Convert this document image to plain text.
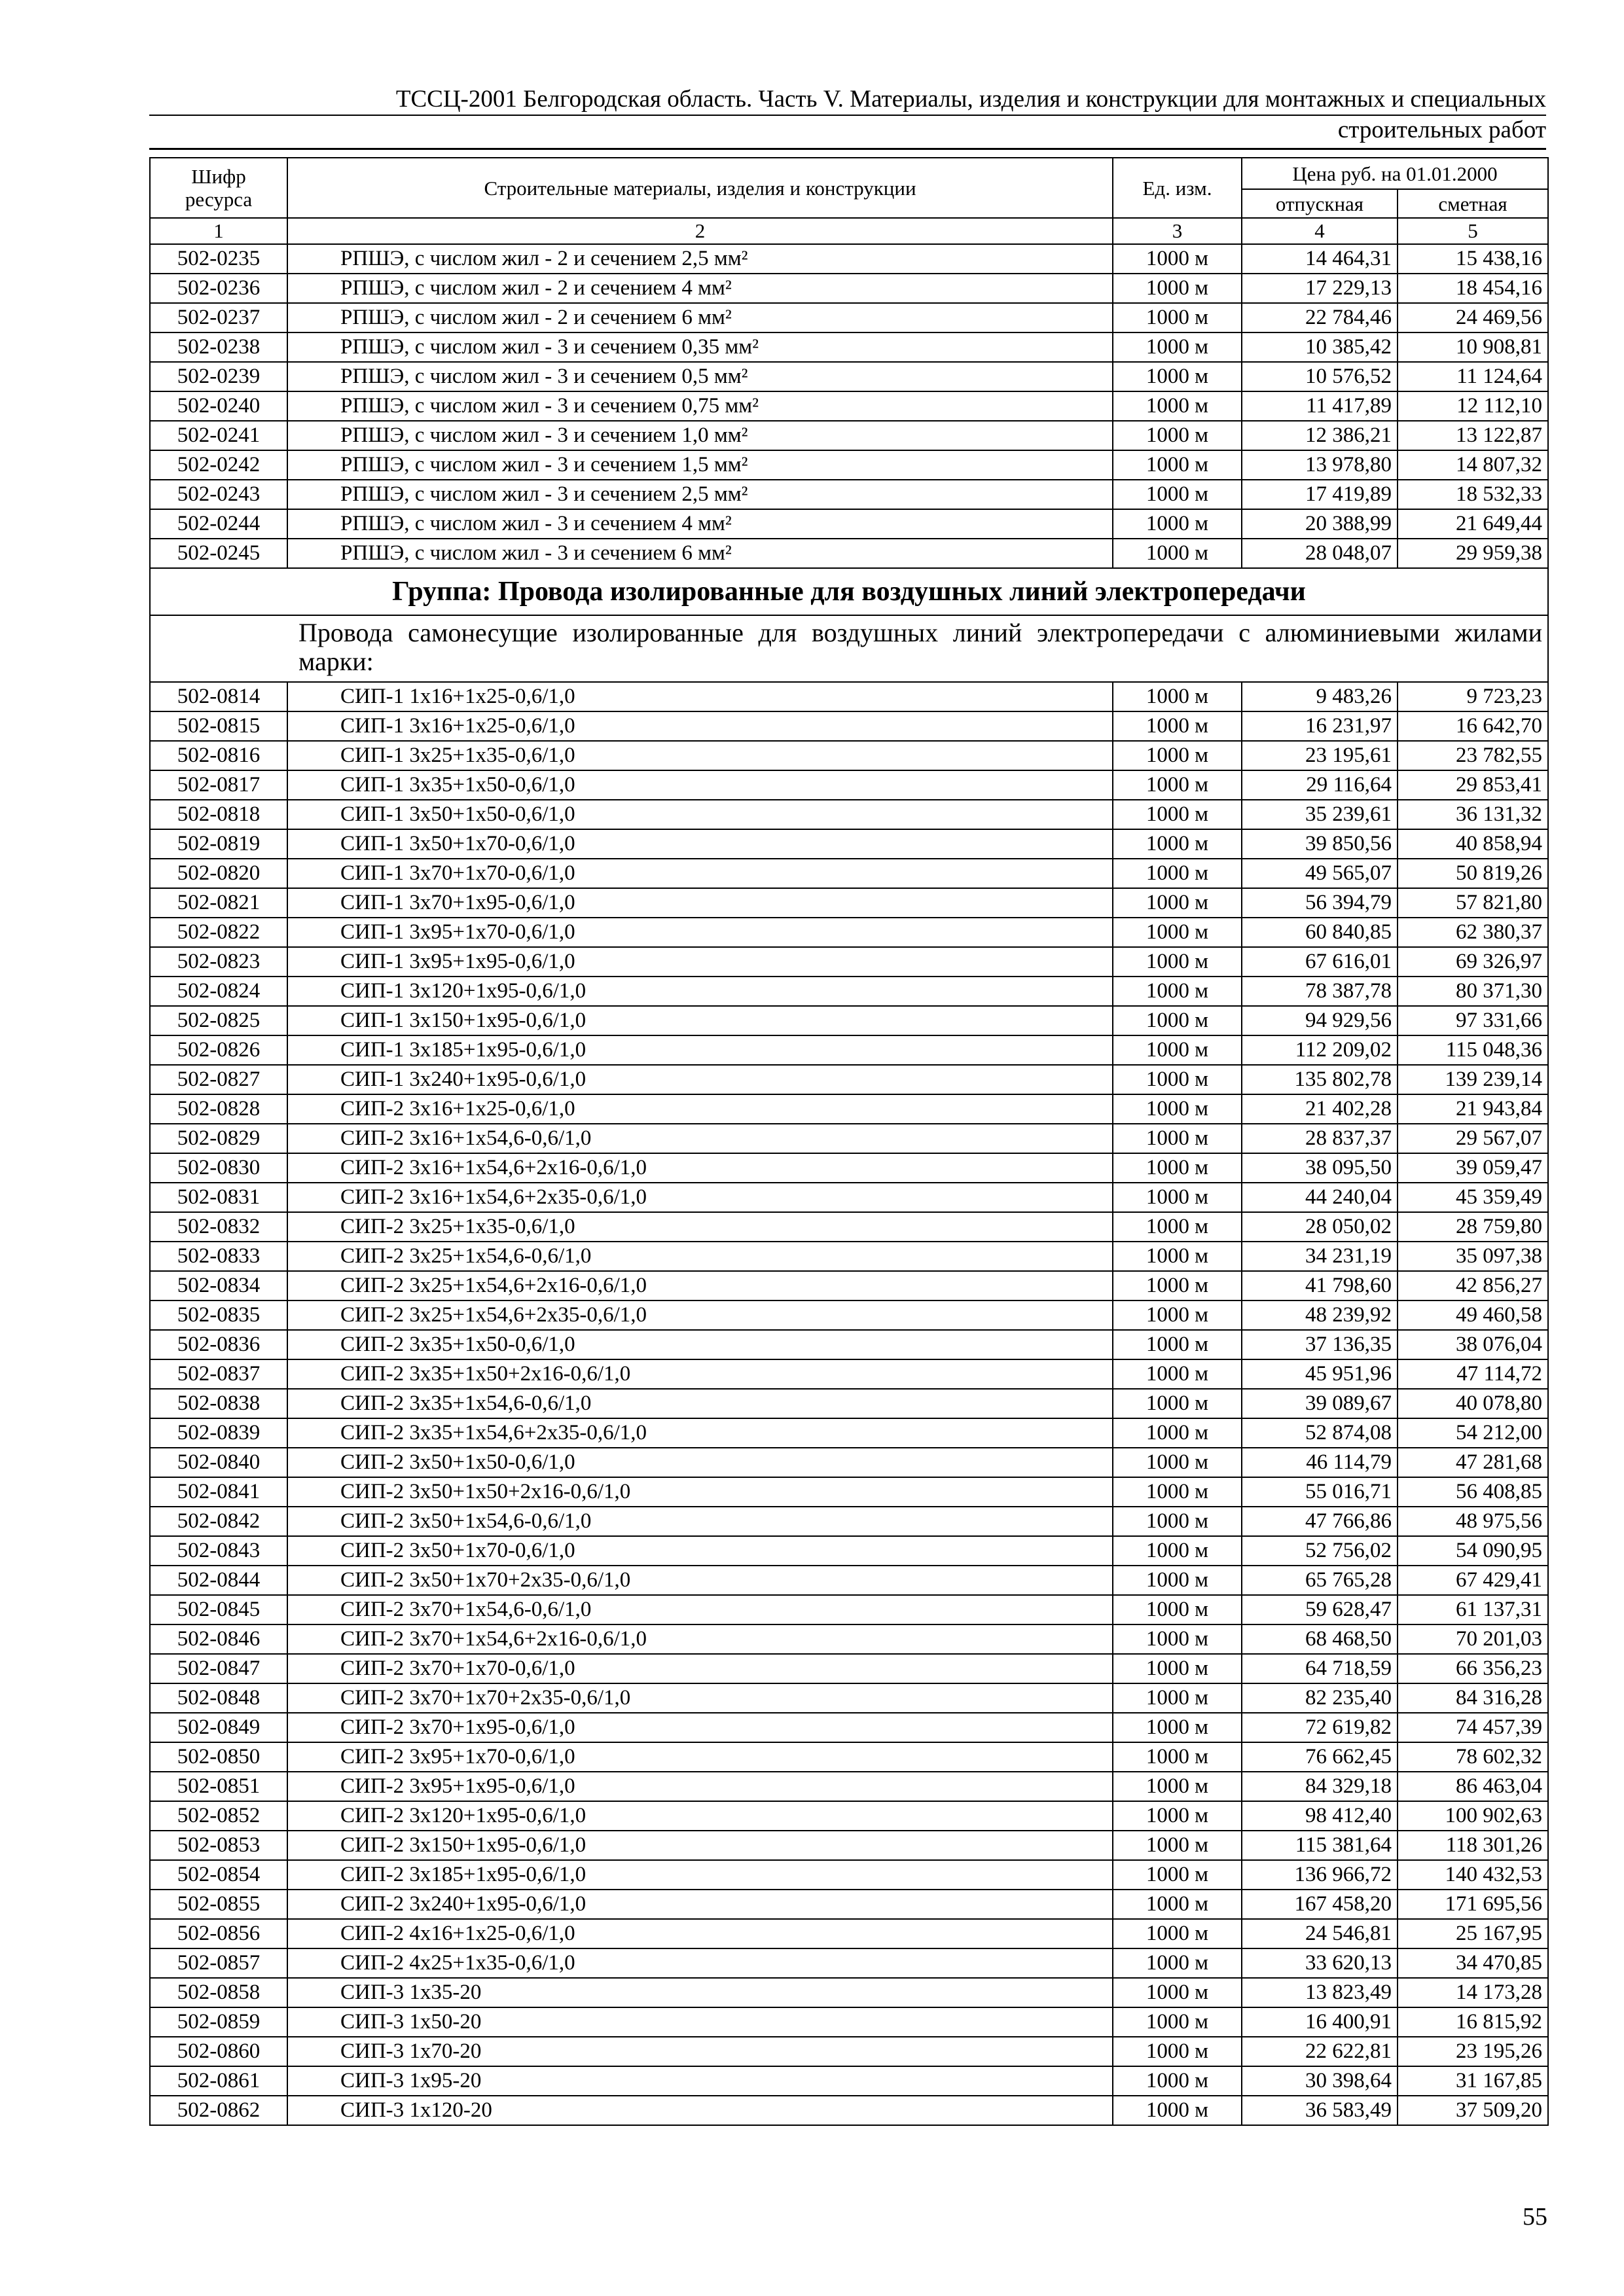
ТССЦ-2001 Белгородская область. Часть V. Материалы, изделия и конструкции для монтажных и специальных
строительных работ
Шифр ресурса	Строительные материалы, изделия и конструкции	Ед. изм.	Цена руб. на 01.01.2000	
			отпускная	сметная
1	2	3	4	5
502-0235	РПШЭ, с числом жил - 2 и сечением 2,5 мм²	1000 м	14 464,31	15 438,16
502-0236	РПШЭ, с числом жил - 2 и сечением 4 мм²	1000 м	17 229,13	18 454,16
502-0237	РПШЭ, с числом жил - 2 и сечением 6 мм²	1000 м	22 784,46	24 469,56
502-0238	РПШЭ, с числом жил - 3 и сечением 0,35 мм²	1000 м	10 385,42	10 908,81
502-0239	РПШЭ, с числом жил - 3 и сечением 0,5 мм²	1000 м	10 576,52	11 124,64
502-0240	РПШЭ, с числом жил - 3 и сечением 0,75 мм²	1000 м	11 417,89	12 112,10
502-0241	РПШЭ, с числом жил - 3 и сечением 1,0 мм²	1000 м	12 386,21	13 122,87
502-0242	РПШЭ, с числом жил - 3 и сечением 1,5 мм²	1000 м	13 978,80	14 807,32
502-0243	РПШЭ, с числом жил - 3 и сечением 2,5 мм²	1000 м	17 419,89	18 532,33
502-0244	РПШЭ, с числом жил - 3 и сечением 4 мм²	1000 м	20 388,99	21 649,44
502-0245	РПШЭ, с числом жил - 3 и сечением 6 мм²	1000 м	28 048,07	29 959,38
Группа: Провода изолированные для воздушных линий электропередачи				
Провода самонесущие изолированные для воздушных линий электропередачи с алюминиевыми жилами марки:				
502-0814	СИП-1 1х16+1х25-0,6/1,0	1000 м	9 483,26	9 723,23
502-0815	СИП-1 3х16+1х25-0,6/1,0	1000 м	16 231,97	16 642,70
502-0816	СИП-1 3х25+1х35-0,6/1,0	1000 м	23 195,61	23 782,55
502-0817	СИП-1 3х35+1х50-0,6/1,0	1000 м	29 116,64	29 853,41
502-0818	СИП-1 3х50+1х50-0,6/1,0	1000 м	35 239,61	36 131,32
502-0819	СИП-1 3х50+1х70-0,6/1,0	1000 м	39 850,56	40 858,94
502-0820	СИП-1 3х70+1х70-0,6/1,0	1000 м	49 565,07	50 819,26
502-0821	СИП-1 3х70+1х95-0,6/1,0	1000 м	56 394,79	57 821,80
502-0822	СИП-1 3х95+1х70-0,6/1,0	1000 м	60 840,85	62 380,37
502-0823	СИП-1 3х95+1х95-0,6/1,0	1000 м	67 616,01	69 326,97
502-0824	СИП-1 3х120+1х95-0,6/1,0	1000 м	78 387,78	80 371,30
502-0825	СИП-1 3х150+1х95-0,6/1,0	1000 м	94 929,56	97 331,66
502-0826	СИП-1 3х185+1х95-0,6/1,0	1000 м	112 209,02	115 048,36
502-0827	СИП-1 3х240+1х95-0,6/1,0	1000 м	135 802,78	139 239,14
502-0828	СИП-2 3х16+1х25-0,6/1,0	1000 м	21 402,28	21 943,84
502-0829	СИП-2 3х16+1х54,6-0,6/1,0	1000 м	28 837,37	29 567,07
502-0830	СИП-2 3х16+1х54,6+2х16-0,6/1,0	1000 м	38 095,50	39 059,47
502-0831	СИП-2 3х16+1х54,6+2х35-0,6/1,0	1000 м	44 240,04	45 359,49
502-0832	СИП-2 3х25+1х35-0,6/1,0	1000 м	28 050,02	28 759,80
502-0833	СИП-2 3х25+1х54,6-0,6/1,0	1000 м	34 231,19	35 097,38
502-0834	СИП-2 3х25+1х54,6+2х16-0,6/1,0	1000 м	41 798,60	42 856,27
502-0835	СИП-2 3х25+1х54,6+2х35-0,6/1,0	1000 м	48 239,92	49 460,58
502-0836	СИП-2 3х35+1х50-0,6/1,0	1000 м	37 136,35	38 076,04
502-0837	СИП-2 3х35+1х50+2х16-0,6/1,0	1000 м	45 951,96	47 114,72
502-0838	СИП-2 3х35+1х54,6-0,6/1,0	1000 м	39 089,67	40 078,80
502-0839	СИП-2 3х35+1х54,6+2х35-0,6/1,0	1000 м	52 874,08	54 212,00
502-0840	СИП-2 3х50+1х50-0,6/1,0	1000 м	46 114,79	47 281,68
502-0841	СИП-2 3х50+1х50+2х16-0,6/1,0	1000 м	55 016,71	56 408,85
502-0842	СИП-2 3х50+1х54,6-0,6/1,0	1000 м	47 766,86	48 975,56
502-0843	СИП-2 3х50+1х70-0,6/1,0	1000 м	52 756,02	54 090,95
502-0844	СИП-2 3х50+1х70+2х35-0,6/1,0	1000 м	65 765,28	67 429,41
502-0845	СИП-2 3х70+1х54,6-0,6/1,0	1000 м	59 628,47	61 137,31
502-0846	СИП-2 3х70+1х54,6+2х16-0,6/1,0	1000 м	68 468,50	70 201,03
502-0847	СИП-2 3х70+1х70-0,6/1,0	1000 м	64 718,59	66 356,23
502-0848	СИП-2 3х70+1х70+2х35-0,6/1,0	1000 м	82 235,40	84 316,28
502-0849	СИП-2 3х70+1х95-0,6/1,0	1000 м	72 619,82	74 457,39
502-0850	СИП-2 3х95+1х70-0,6/1,0	1000 м	76 662,45	78 602,32
502-0851	СИП-2 3х95+1х95-0,6/1,0	1000 м	84 329,18	86 463,04
502-0852	СИП-2 3х120+1х95-0,6/1,0	1000 м	98 412,40	100 902,63
502-0853	СИП-2 3х150+1х95-0,6/1,0	1000 м	115 381,64	118 301,26
502-0854	СИП-2 3х185+1х95-0,6/1,0	1000 м	136 966,72	140 432,53
502-0855	СИП-2 3х240+1х95-0,6/1,0	1000 м	167 458,20	171 695,56
502-0856	СИП-2 4х16+1х25-0,6/1,0	1000 м	24 546,81	25 167,95
502-0857	СИП-2 4х25+1х35-0,6/1,0	1000 м	33 620,13	34 470,85
502-0858	СИП-3 1х35-20	1000 м	13 823,49	14 173,28
502-0859	СИП-3 1х50-20	1000 м	16 400,91	16 815,92
502-0860	СИП-3 1х70-20	1000 м	22 622,81	23 195,26
502-0861	СИП-3 1х95-20	1000 м	30 398,64	31 167,85
502-0862	СИП-3 1х120-20	1000 м	36 583,49	37 509,20
55
